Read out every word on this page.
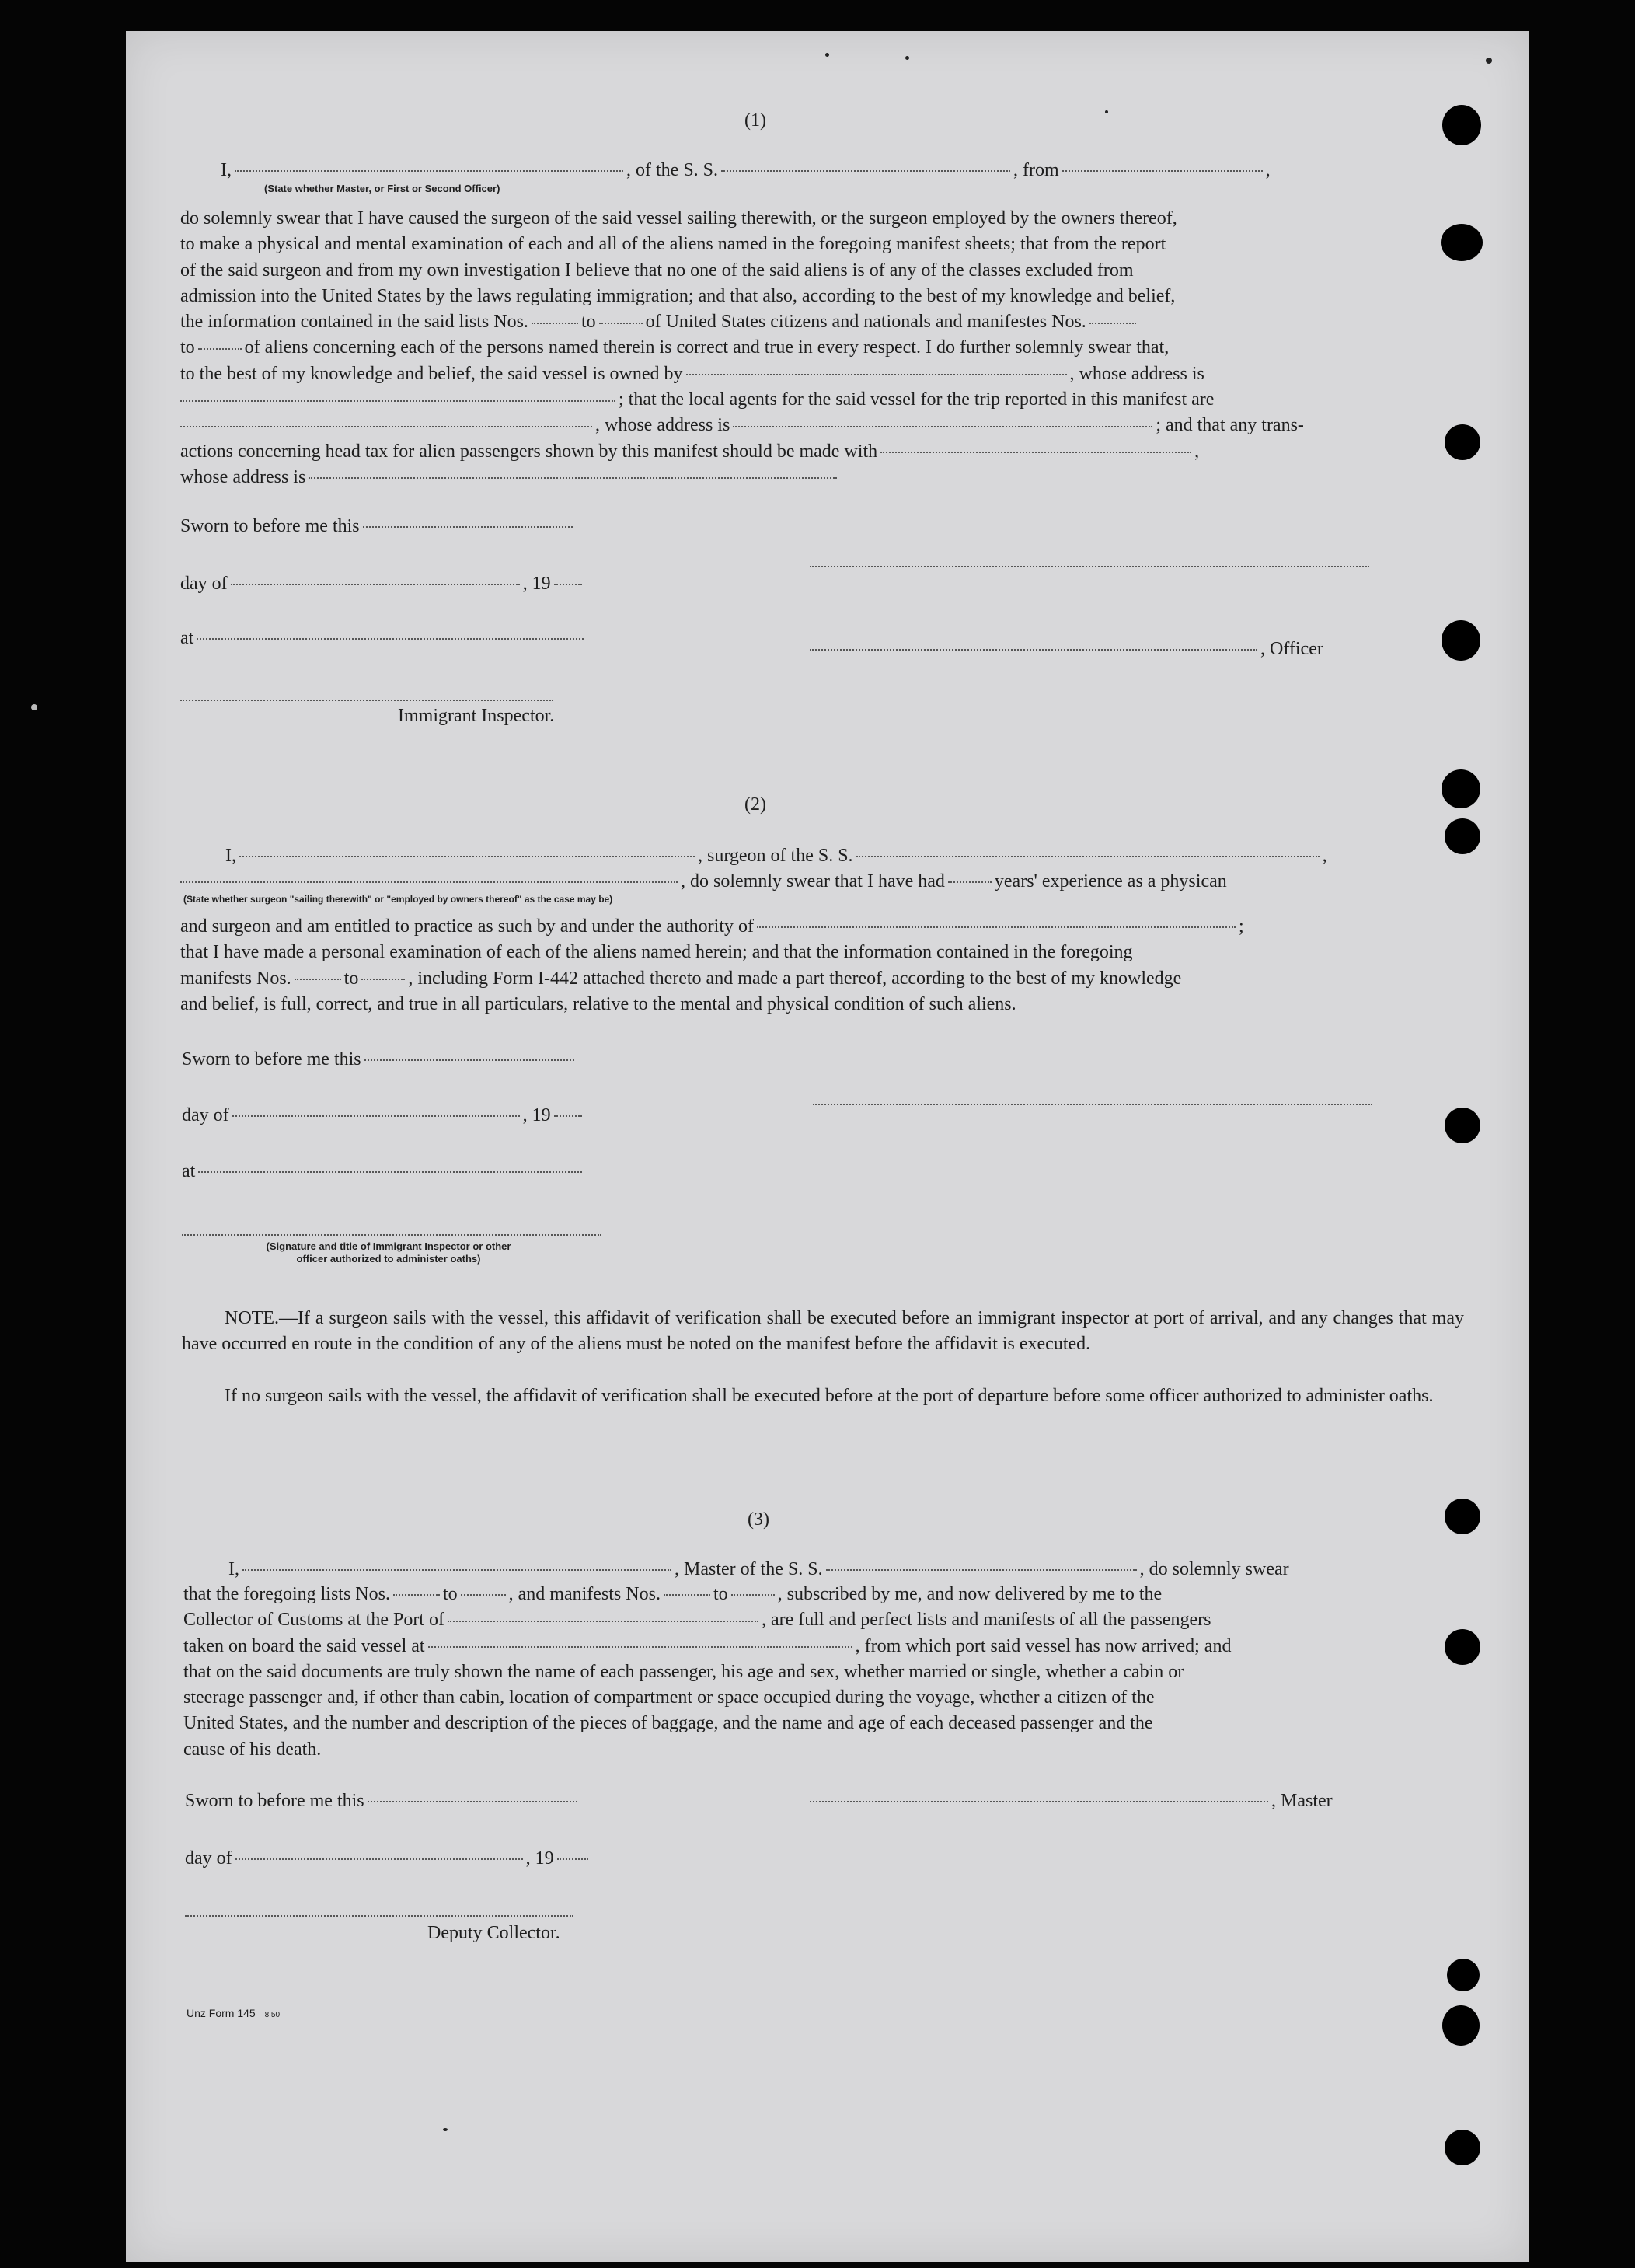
(1)
I,	, of the S. S.	, from	,
(State whether Master, or First or Second Officer)
do solemnly swear that I have caused the surgeon of the said vessel sailing therewith, or the surgeon employed by the owners thereof,
to make a physical and mental examination of each and all of the aliens named in the foregoing manifest sheets; that from the report
of the said surgeon and from my own investigation I believe that no one of the said aliens is of any of the classes excluded from
admission into the United States by the laws regulating immigration; and that also, according to the best of my knowledge and belief,
the information contained in the said lists Nos.	to	of United States citizens and nationals and manifestes Nos.
to	of aliens concerning each of the persons named therein is correct and true in every respect. I do further solemnly swear that,
to the best of my knowledge and belief, the said vessel is owned by	, whose address is
; that the local agents for the said vessel for the trip reported in this manifest are
, whose address is	; and that any trans-
actions concerning head tax for alien passengers shown by this manifest should be made with	,
whose address is
Sworn to before me this
day of	, 19
at
, Officer
Immigrant Inspector.
(2)
I,	, surgeon of the S. S.	,
, do solemnly swear that I have had	years' experience as a physican
(State whether surgeon "sailing therewith" or "employed by owners thereof" as the case may be)
and surgeon and am entitled to practice as such by and under the authority of	;
that I have made a personal examination of each of the aliens named herein; and that the information contained in the foregoing
manifests Nos.	to	, including Form I-442 attached thereto and made a part thereof, according to the best of my knowledge
and belief, is full, correct, and true in all particulars, relative to the mental and physical condition of such aliens.
Sworn to before me this
day of	, 19
at
(Signature and title of Immigrant Inspector or other
officer authorized to administer oaths)

NOTE.—If a surgeon sails with the vessel, this affidavit of verification shall be executed before an immigrant inspector at port of arrival, and any changes that may have occurred en route in the condition of any of the aliens must be noted on the manifest before the affidavit is executed.

If no surgeon sails with the vessel, the affidavit of verification shall be executed before at the port of departure before some officer authorized to administer oaths.

(3)
I,	, Master of the S. S.	, do solemnly swear
that the foregoing lists Nos.	to	, and manifests Nos.	to	, subscribed by me, and now delivered by me to the
Collector of Customs at the Port of	, are full and perfect lists and manifests of all the passengers
taken on board the said vessel at	, from which port said vessel has now arrived; and
that on the said documents are truly shown the name of each passenger, his age and sex, whether married or single, whether a cabin or
steerage passenger and, if other than cabin, location of compartment or space occupied during the voyage, whether a citizen of the
United States, and the number and description of the pieces of baggage, and the name and age of each deceased passenger and the
cause of his death.
Sworn to before me this	, Master
day of	, 19
Deputy Collector.
Unz Form 145 8 50
